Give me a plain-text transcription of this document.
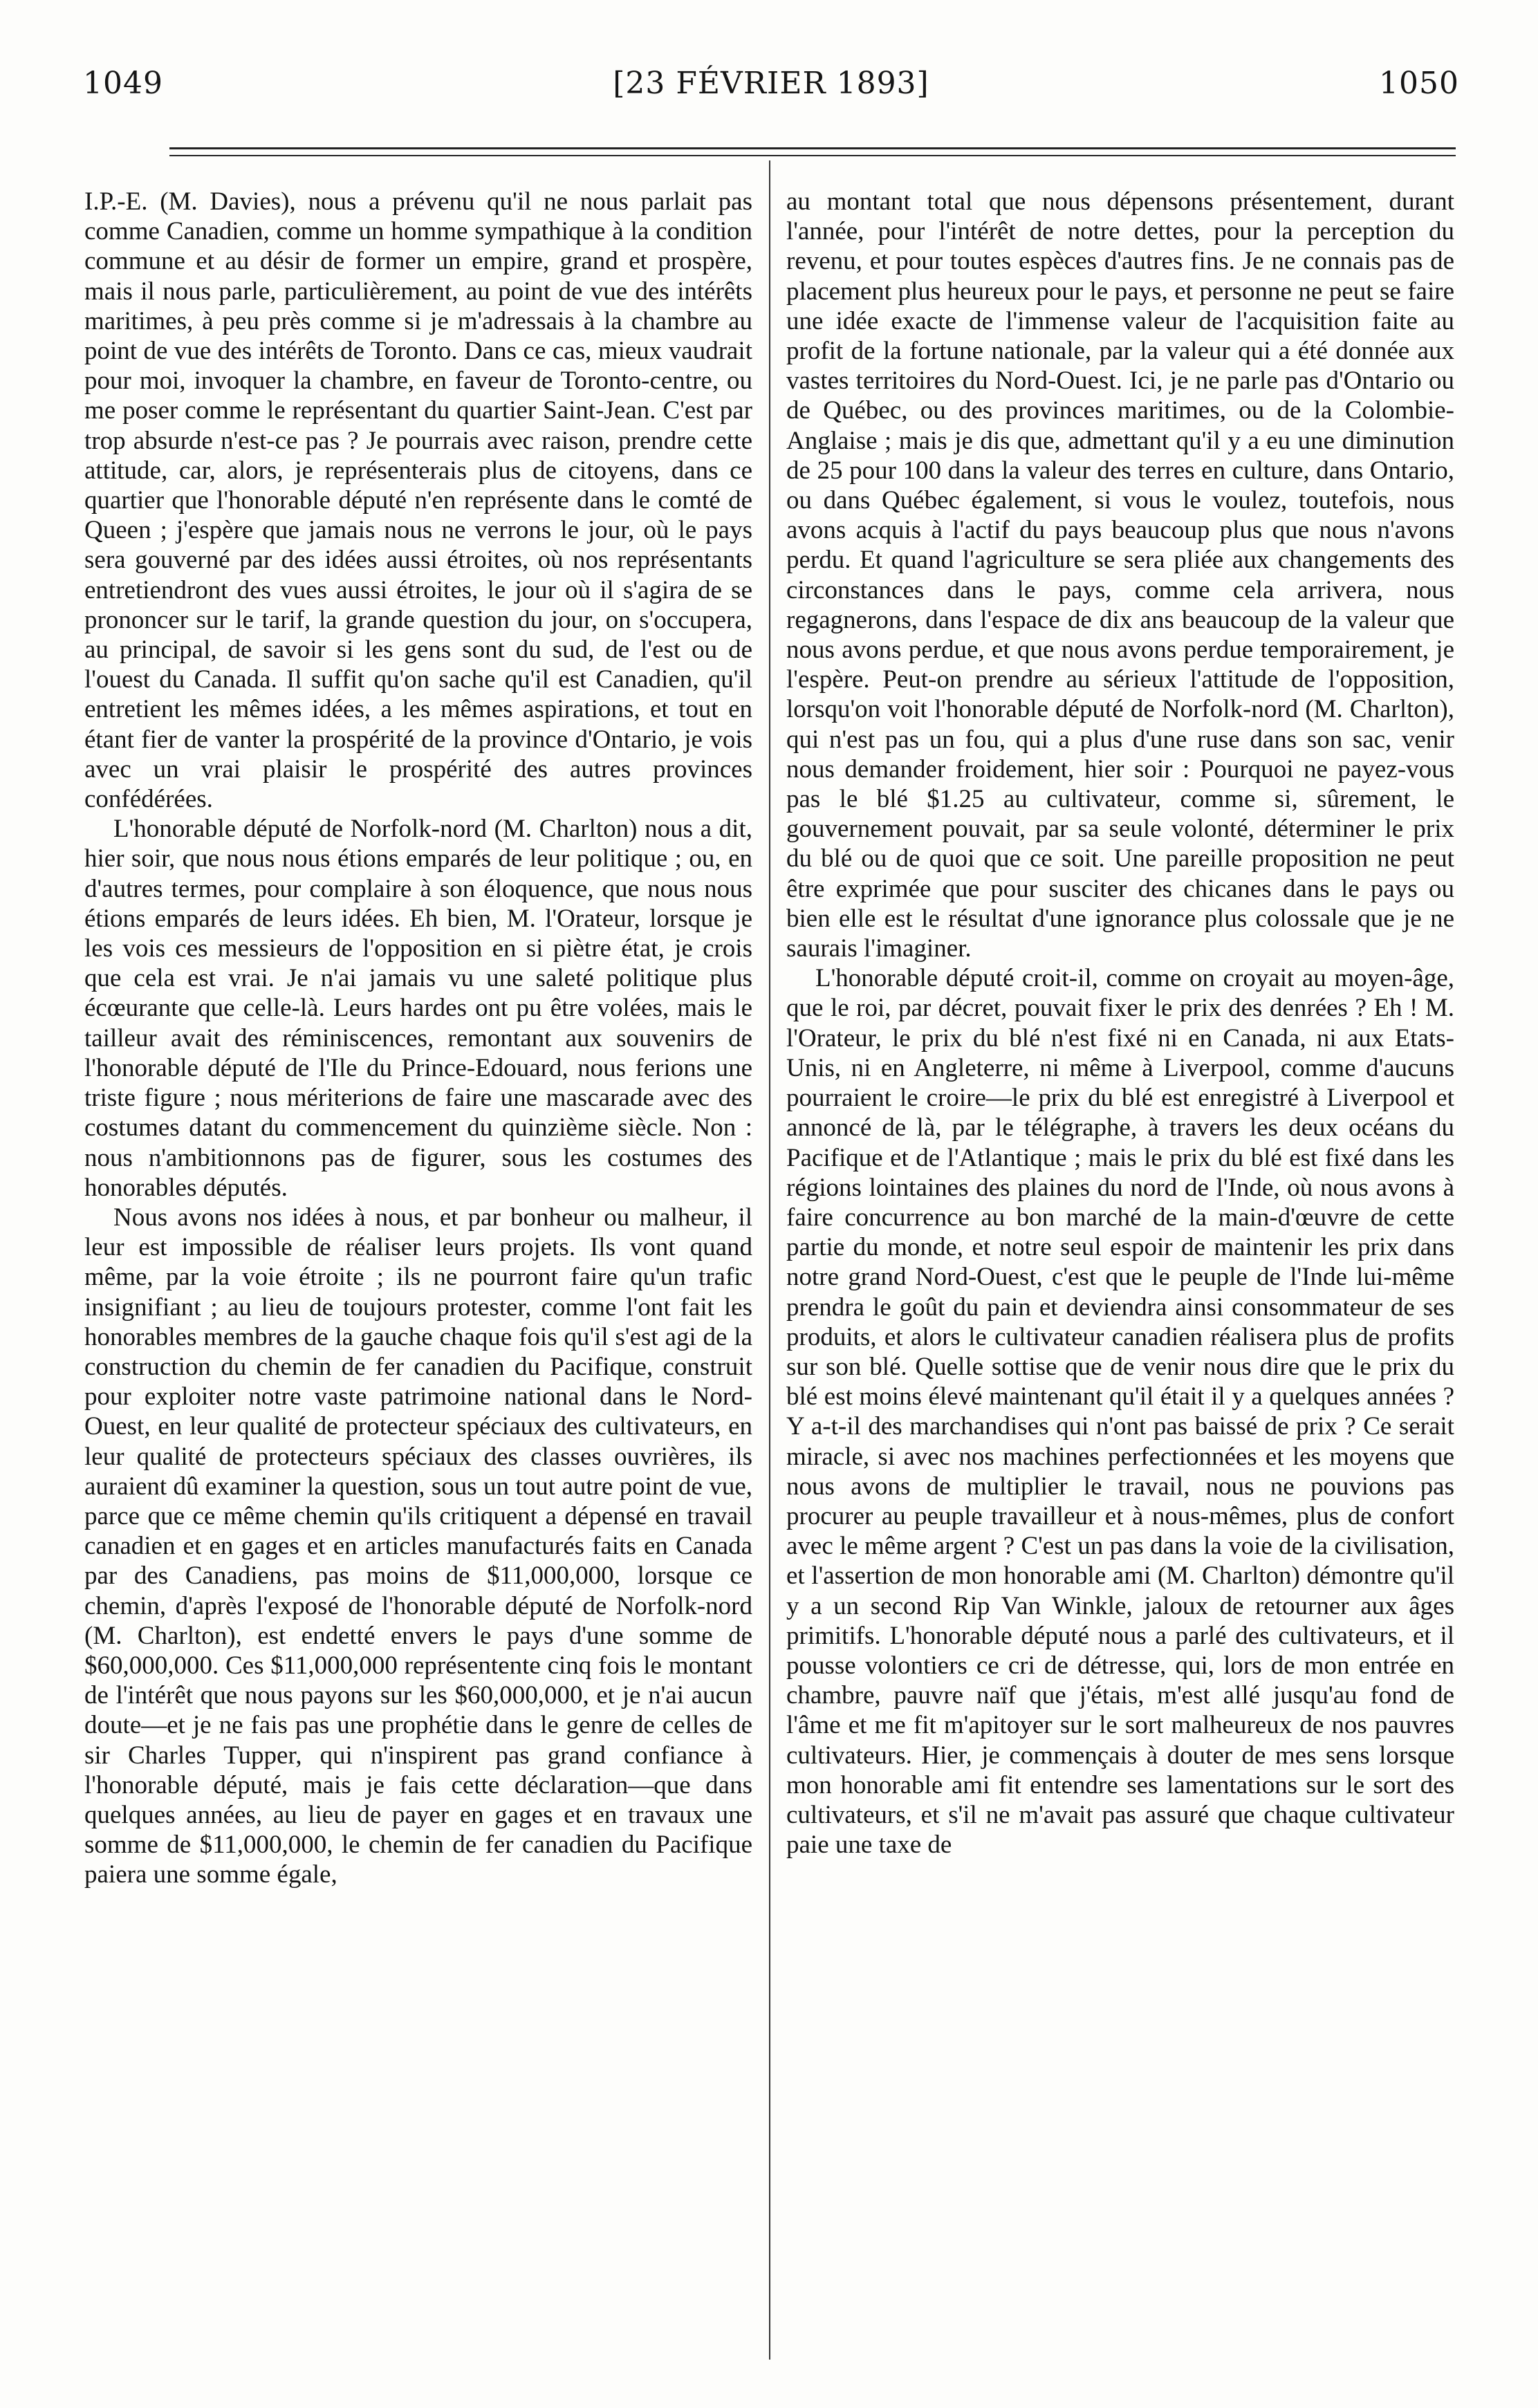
1049	[23 FÉVRIER 1893]	1050

I.P.-E. (M. Davies), nous a prévenu qu'il ne nous parlait pas comme Canadien, comme un homme sympathique à la condition commune et au désir de former un empire, grand et prospère, mais il nous parle, particulièrement, au point de vue des intérêts maritimes, à peu près comme si je m'adressais à la chambre au point de vue des intérêts de Toronto. Dans ce cas, mieux vaudrait pour moi, invoquer la chambre, en faveur de Toronto-centre, ou me poser comme le représentant du quartier Saint-Jean. C'est par trop absurde n'est-ce pas ? Je pourrais avec raison, prendre cette attitude, car, alors, je représenterais plus de citoyens, dans ce quartier que l'honorable député n'en représente dans le comté de Queen ; j'espère que jamais nous ne verrons le jour, où le pays sera gouverné par des idées aussi étroites, où nos représentants entretiendront des vues aussi étroites, le jour où il s'agira de se prononcer sur le tarif, la grande question du jour, on s'occupera, au principal, de savoir si les gens sont du sud, de l'est ou de l'ouest du Canada. Il suffit qu'on sache qu'il est Canadien, qu'il entretient les mêmes idées, a les mêmes aspirations, et tout en étant fier de vanter la prospérité de la province d'Ontario, je vois avec un vrai plaisir le prospérité des autres provinces confédérées.

L'honorable député de Norfolk-nord (M. Charlton) nous a dit, hier soir, que nous nous étions emparés de leur politique ; ou, en d'autres termes, pour complaire à son éloquence, que nous nous étions emparés de leurs idées. Eh bien, M. l'Orateur, lorsque je les vois ces messieurs de l'opposition en si piètre état, je crois que cela est vrai. Je n'ai jamais vu une saleté politique plus écœurante que celle-là. Leurs hardes ont pu être volées, mais le tailleur avait des réminiscences, remontant aux souvenirs de l'honorable député de l'Ile du Prince-Edouard, nous ferions une triste figure ; nous mériterions de faire une mascarade avec des costumes datant du commencement du quinzième siècle. Non : nous n'ambitionnons pas de figurer, sous les costumes des honorables députés.

Nous avons nos idées à nous, et par bonheur ou malheur, il leur est impossible de réaliser leurs projets. Ils vont quand même, par la voie étroite ; ils ne pourront faire qu'un trafic insignifiant ; au lieu de toujours protester, comme l'ont fait les honorables membres de la gauche chaque fois qu'il s'est agi de la construction du chemin de fer canadien du Pacifique, construit pour exploiter notre vaste patrimoine national dans le Nord-Ouest, en leur qualité de protecteur spéciaux des cultivateurs, en leur qualité de protecteurs spéciaux des classes ouvrières, ils auraient dû examiner la question, sous un tout autre point de vue, parce que ce même chemin qu'ils critiquent a dépensé en travail canadien et en gages et en articles manufacturés faits en Canada par des Canadiens, pas moins de $11,000,000, lorsque ce chemin, d'après l'exposé de l'honorable député de Norfolk-nord (M. Charlton), est endetté envers le pays d'une somme de $60,000,000. Ces $11,000,000 représentente cinq fois le montant de l'intérêt que nous payons sur les $60,000,000, et je n'ai aucun doute—et je ne fais pas une prophétie dans le genre de celles de sir Charles Tupper, qui n'inspirent pas grand confiance à l'honorable député, mais je fais cette déclaration—que dans quelques années, au lieu de payer en gages et en travaux une somme de $11,000,000, le chemin de fer canadien du Pacifique paiera une somme égale,

au montant total que nous dépensons présentement, durant l'année, pour l'intérêt de notre dettes, pour la perception du revenu, et pour toutes espèces d'autres fins. Je ne connais pas de placement plus heureux pour le pays, et personne ne peut se faire une idée exacte de l'immense valeur de l'acquisition faite au profit de la fortune nationale, par la valeur qui a été donnée aux vastes territoires du Nord-Ouest. Ici, je ne parle pas d'Ontario ou de Québec, ou des provinces maritimes, ou de la Colombie-Anglaise ; mais je dis que, admettant qu'il y a eu une diminution de 25 pour 100 dans la valeur des terres en culture, dans Ontario, ou dans Québec également, si vous le voulez, toutefois, nous avons acquis à l'actif du pays beaucoup plus que nous n'avons perdu. Et quand l'agriculture se sera pliée aux changements des circonstances dans le pays, comme cela arrivera, nous regagnerons, dans l'espace de dix ans beaucoup de la valeur que nous avons perdue, et que nous avons perdue temporairement, je l'espère. Peut-on prendre au sérieux l'attitude de l'opposition, lorsqu'on voit l'honorable député de Norfolk-nord (M. Charlton), qui n'est pas un fou, qui a plus d'une ruse dans son sac, venir nous demander froidement, hier soir : Pourquoi ne payez-vous pas le blé $1.25 au cultivateur, comme si, sûrement, le gouvernement pouvait, par sa seule volonté, déterminer le prix du blé ou de quoi que ce soit. Une pareille proposition ne peut être exprimée que pour susciter des chicanes dans le pays ou bien elle est le résultat d'une ignorance plus colossale que je ne saurais l'imaginer.

L'honorable député croit-il, comme on croyait au moyen-âge, que le roi, par décret, pouvait fixer le prix des denrées ? Eh ! M. l'Orateur, le prix du blé n'est fixé ni en Canada, ni aux Etats-Unis, ni en Angleterre, ni même à Liverpool, comme d'aucuns pourraient le croire—le prix du blé est enregistré à Liverpool et annoncé de là, par le télégraphe, à travers les deux océans du Pacifique et de l'Atlantique ; mais le prix du blé est fixé dans les régions lointaines des plaines du nord de l'Inde, où nous avons à faire concurrence au bon marché de la main-d'œuvre de cette partie du monde, et notre seul espoir de maintenir les prix dans notre grand Nord-Ouest, c'est que le peuple de l'Inde lui-même prendra le goût du pain et deviendra ainsi consommateur de ses produits, et alors le cultivateur canadien réalisera plus de profits sur son blé. Quelle sottise que de venir nous dire que le prix du blé est moins élevé maintenant qu'il était il y a quelques années ? Y a-t-il des marchandises qui n'ont pas baissé de prix ? Ce serait miracle, si avec nos machines perfectionnées et les moyens que nous avons de multiplier le travail, nous ne pouvions pas procurer au peuple travailleur et à nous-mêmes, plus de confort avec le même argent ? C'est un pas dans la voie de la civilisation, et l'assertion de mon honorable ami (M. Charlton) démontre qu'il y a un second Rip Van Winkle, jaloux de retourner aux âges primitifs. L'honorable député nous a parlé des cultivateurs, et il pousse volontiers ce cri de détresse, qui, lors de mon entrée en chambre, pauvre naïf que j'étais, m'est allé jusqu'au fond de l'âme et me fit m'apitoyer sur le sort malheureux de nos pauvres cultivateurs. Hier, je commençais à douter de mes sens lorsque mon honorable ami fit entendre ses lamentations sur le sort des cultivateurs, et s'il ne m'avait pas assuré que chaque cultivateur paie une taxe de
